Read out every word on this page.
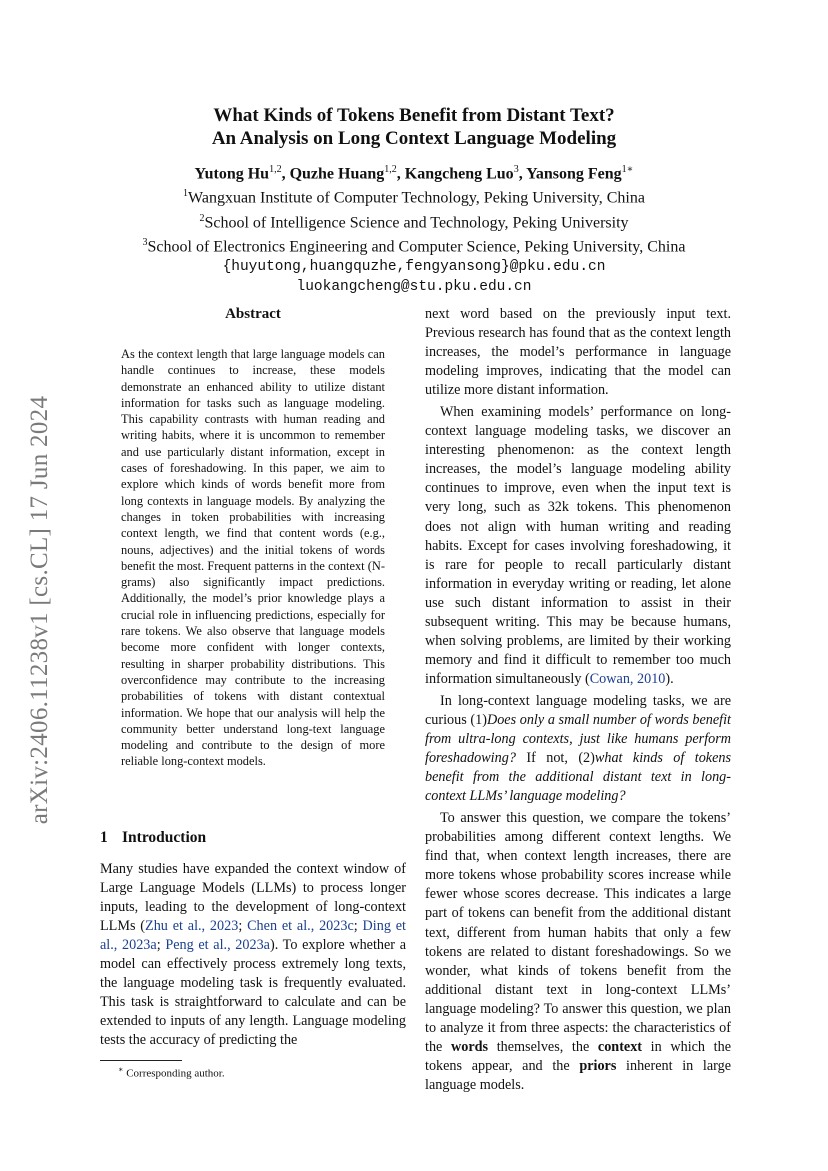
arXiv:2406.11238v1 [cs.CL] 17 Jun 2024
What Kinds of Tokens Benefit from Distant Text?
An Analysis on Long Context Language Modeling
Yutong Hu$^{1,2}$, Quzhe Huang$^{1,2}$, Kangcheng Luo$^3$, Yansong Feng$^{1∗}$
$^1$Wangxuan Institute of Computer Technology, Peking University, China
$^2$School of Intelligence Science and Technology, Peking University
$^3$School of Electronics Engineering and Computer Science, Peking University, China
{huyutong,huangquzhe,fengyansong}@pku.edu.cn
luokangcheng@stu.pku.edu.cn
Abstract

As the context length that large language models can handle continues to increase, these models demonstrate an enhanced ability to utilize distant information for tasks such as language modeling. This capability contrasts with human reading and writing habits, where it is uncommon to remember and use particularly distant information, except in cases of foreshadowing. In this paper, we aim to explore which kinds of words benefit more from long contexts in language models. By analyzing the changes in token probabilities with increasing context length, we find that content words (e.g., nouns, adjectives) and the initial tokens of words benefit the most. Frequent patterns in the context (N-grams) also significantly impact predictions. Additionally, the model’s prior knowledge plays a crucial role in influencing predictions, especially for rare tokens. We also observe that language models become more confident with longer contexts, resulting in sharper probability distributions. This overconfidence may contribute to the increasing probabilities of tokens with distant contextual information. We hope that our analysis will help the community better understand long-text language modeling and contribute to the design of more reliable long-context models.

1 Introduction

Many studies have expanded the context window of Large Language Models (LLMs) to process longer inputs, leading to the development of long-context LLMs (Zhu et al., 2023; Chen et al., 2023c; Ding et al., 2023a; Peng et al., 2023a). To explore whether a model can effectively process extremely long texts, the language modeling task is frequently evaluated. This task is straightforward to calculate and can be extended to inputs of any length. Language modeling tests the accuracy of predicting the

next word based on the previously input text. Previous research has found that as the context length increases, the model’s performance in language modeling improves, indicating that the model can utilize more distant information.

When examining models’ performance on long-context language modeling tasks, we discover an interesting phenomenon: as the context length increases, the model’s language modeling ability continues to improve, even when the input text is very long, such as 32k tokens. This phenomenon does not align with human writing and reading habits. Except for cases involving foreshadowing, it is rare for people to recall particularly distant information in everyday writing or reading, let alone use such distant information to assist in their subsequent writing. This may be because humans, when solving problems, are limited by their working memory and find it difficult to remember too much information simultaneously (Cowan, 2010).

In long-context language modeling tasks, we are curious (1)Does only a small number of words benefit from ultra-long contexts, just like humans perform foreshadowing? If not, (2)what kinds of tokens benefit from the additional distant text in long-context LLMs’ language modeling?

To answer this question, we compare the tokens’ probabilities among different context lengths. We find that, when context length increases, there are more tokens whose probability scores increase while fewer whose scores decrease. This indicates a large part of tokens can benefit from the additional distant text, different from human habits that only a few tokens are related to distant foreshadowings. So we wonder, what kinds of tokens benefit from the additional distant text in long-context LLMs’ language modeling? To answer this question, we plan to analyze it from three aspects: the characteristics of the words themselves, the context in which the tokens appear, and the priors inherent in large language models.

∗ Corresponding author.
